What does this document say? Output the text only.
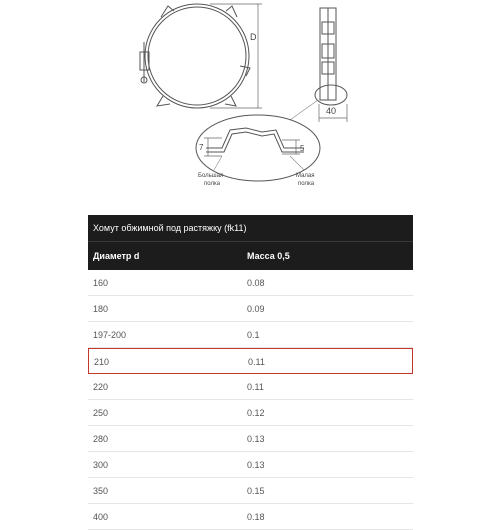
D
40
7	5
Большая
полка
Малая
полка
Хомут обжимной под растяжку (fk11)
Диаметр d	Масса 0,5
160	0.08
180	0.09
197-200	0.1
210	0.11
220	0.11
250	0.12
280	0.13
300	0.13
350	0.15
400	0.18
